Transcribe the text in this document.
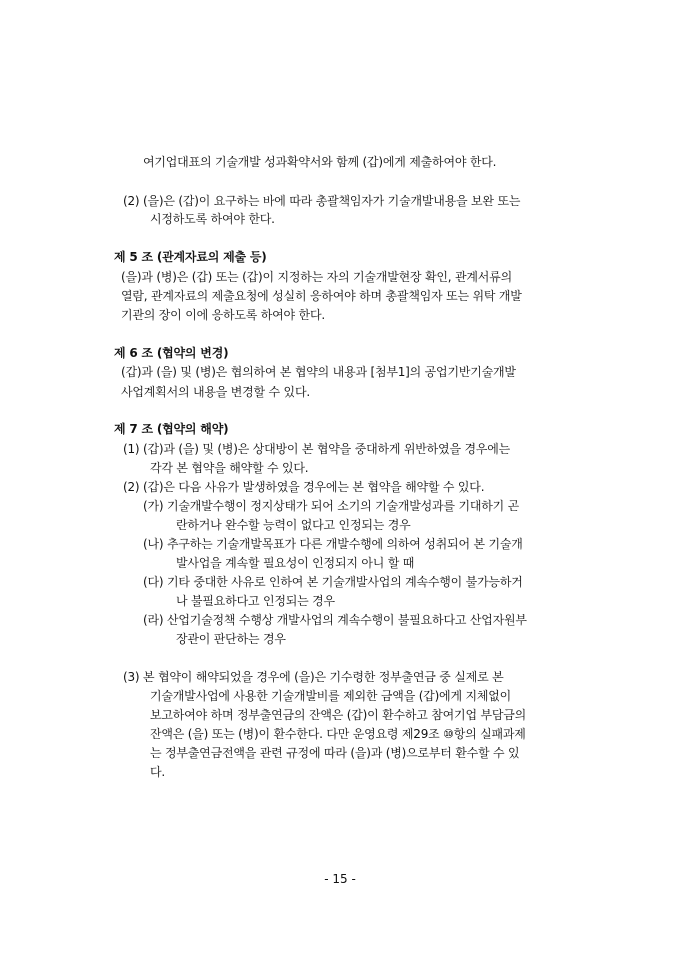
여기업대표의 기술개발 성과확약서와 함께 (갑)에게 제출하여야 한다.
(2) (을)은 (갑)이 요구하는 바에 따라 총괄책임자가 기술개발내용을 보완 또는
시정하도록 하여야 한다.
제 5 조 (관계자료의 제출 등)
(을)과 (병)은 (갑) 또는 (갑)이 지정하는 자의 기술개발현장 확인, 관계서류의
열람, 관계자료의 제출요청에 성실히 응하여야 하며 총괄책임자 또는 위탁 개발
기관의 장이 이에 응하도록 하여야 한다.
제 6 조 (협약의 변경)
(갑)과 (을) 및 (병)은 협의하여 본 협약의 내용과 [첨부1]의 공업기반기술개발
사업계획서의 내용을 변경할 수 있다.
제 7 조 (협약의 해약)
(1) (갑)과 (을) 및 (병)은 상대방이 본 협약을 중대하게 위반하였을 경우에는
각각 본 협약을 해약할 수 있다.
(2) (갑)은 다음 사유가 발생하였을 경우에는 본 협약을 해약할 수 있다.
(가) 기술개발수행이 정지상태가 되어 소기의 기술개발성과를 기대하기 곤
란하거나 완수할 능력이 없다고 인정되는 경우
(나) 추구하는 기술개발목표가 다른 개발수행에 의하여 성취되어 본 기술개
발사업을 계속할 필요성이 인정되지 아니 할 때
(다) 기타 중대한 사유로 인하여 본 기술개발사업의 계속수행이 불가능하거
나 불필요하다고 인정되는 경우
(라) 산업기술정책 수행상 개발사업의 계속수행이 불필요하다고 산업자원부
장관이 판단하는 경우
(3) 본 협약이 해약되었을 경우에 (을)은 기수령한 정부출연금 중 실제로 본
기술개발사업에 사용한 기술개발비를 제외한 금액을 (갑)에게 지체없이
보고하여야 하며 정부출연금의 잔액은 (갑)이 환수하고 참여기업 부담금의
잔액은 (을) 또는 (병)이 환수한다. 다만 운영요령 제29조 ⑩항의 실패과제
는 정부출연금전액을 관련 규정에 따라 (을)과 (병)으로부터 환수할 수 있
다.
- 15 -
